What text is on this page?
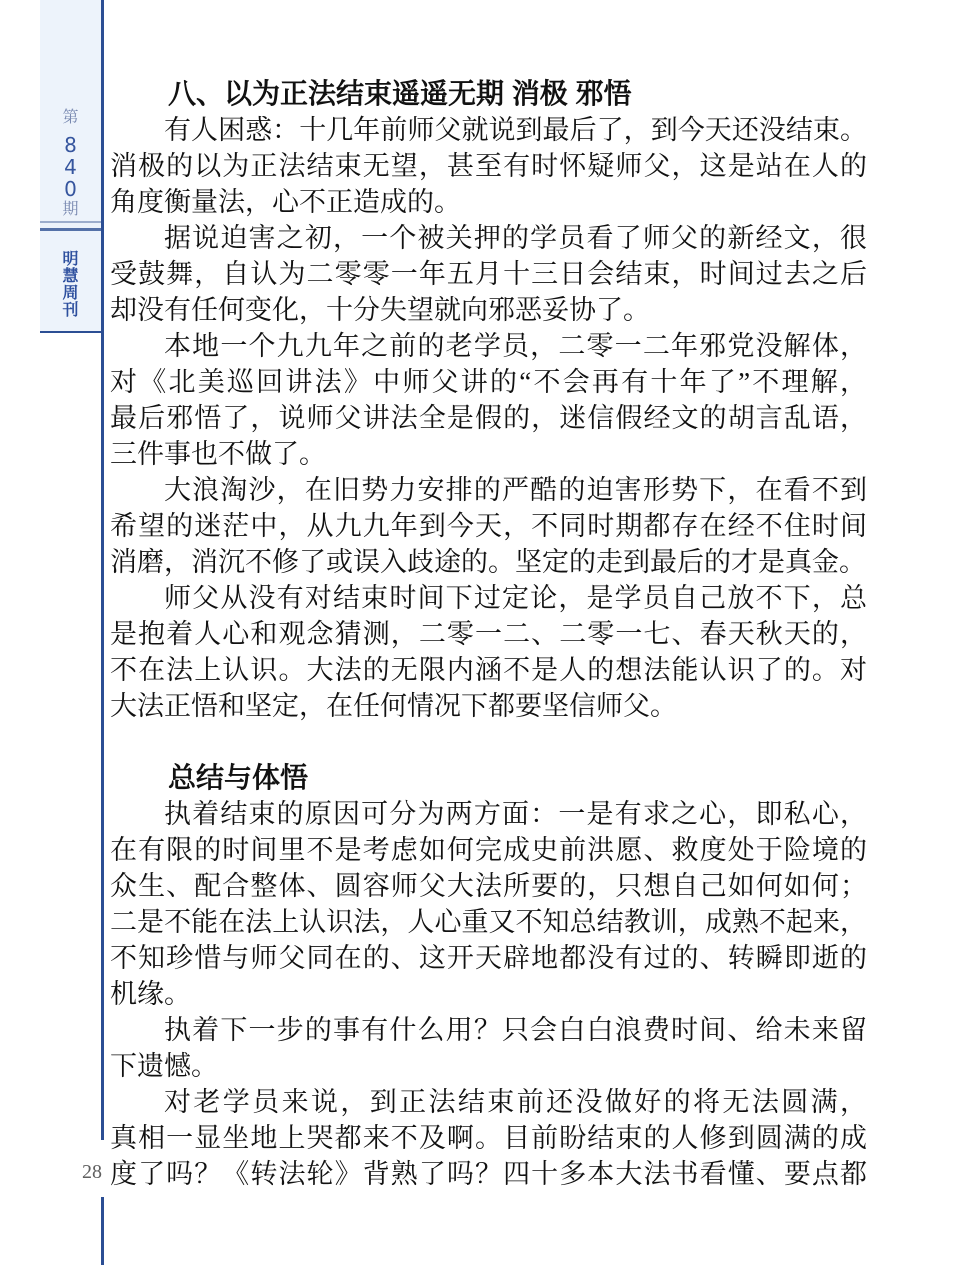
第
8
4
0
期
明
慧
周
刊
28
八、以为正法结束遥遥无期 消极 邪悟
有人困惑：十几年前师父就说到最后了，到今天还没结束。
消极的以为正法结束无望，甚至有时怀疑师父，这是站在人的
角度衡量法，心不正造成的。
据说迫害之初，一个被关押的学员看了师父的新经文，很
受鼓舞，自认为二零零一年五月十三日会结束，时间过去之后
却没有任何变化，十分失望就向邪恶妥协了。
本地一个九九年之前的老学员，二零一二年邪党没解体，
对《北美巡回讲法》中师父讲的“不会再有十年了”不理解，
最后邪悟了，说师父讲法全是假的，迷信假经文的胡言乱语，
三件事也不做了。
大浪淘沙，在旧势力安排的严酷的迫害形势下，在看不到
希望的迷茫中，从九九年到今天，不同时期都存在经不住时间
消磨，消沉不修了或误入歧途的。坚定的走到最后的才是真金。
师父从没有对结束时间下过定论，是学员自己放不下，总
是抱着人心和观念猜测，二零一二、二零一七、春天秋天的，
不在法上认识。大法的无限内涵不是人的想法能认识了的。对
大法正悟和坚定，在任何情况下都要坚信师父。
总结与体悟
执着结束的原因可分为两方面：一是有求之心，即私心，
在有限的时间里不是考虑如何完成史前洪愿、救度处于险境的
众生、配合整体、圆容师父大法所要的，只想自己如何如何；
二是不能在法上认识法，人心重又不知总结教训，成熟不起来，
不知珍惜与师父同在的、这开天辟地都没有过的、转瞬即逝的
机缘。
执着下一步的事有什么用？只会白白浪费时间、给未来留
下遗憾。
对老学员来说，到正法结束前还没做好的将无法圆满，
真相一显坐地上哭都来不及啊。目前盼结束的人修到圆满的成
度了吗？《转法轮》背熟了吗？四十多本大法书看懂、要点都
